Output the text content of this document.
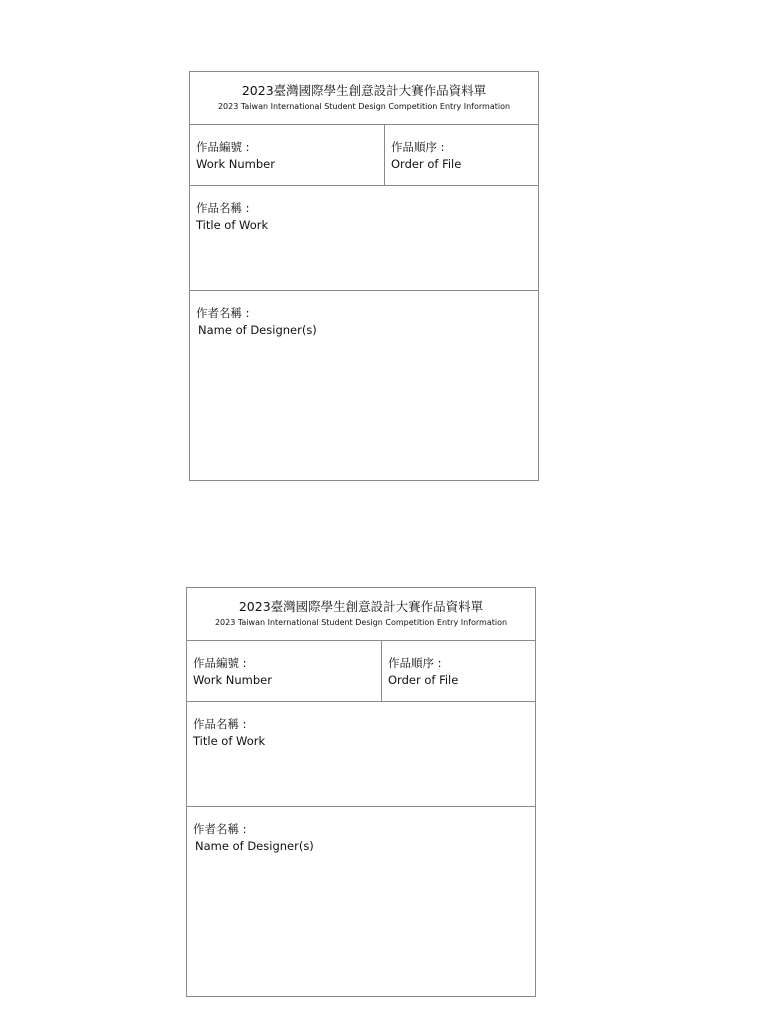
2023臺灣國際學生創意設計大賽作品資料單
2023 Taiwan International Student Design Competition Entry Information
作品編號 :
Work Number
作品順序 :
Order of File
作品名稱 :
Title of Work
作者名稱 :
Name of Designer(s)
2023臺灣國際學生創意設計大賽作品資料單
2023 Taiwan International Student Design Competition Entry Information
作品編號 :
Work Number
作品順序 :
Order of File
作品名稱 :
Title of Work
作者名稱 :
Name of Designer(s)
